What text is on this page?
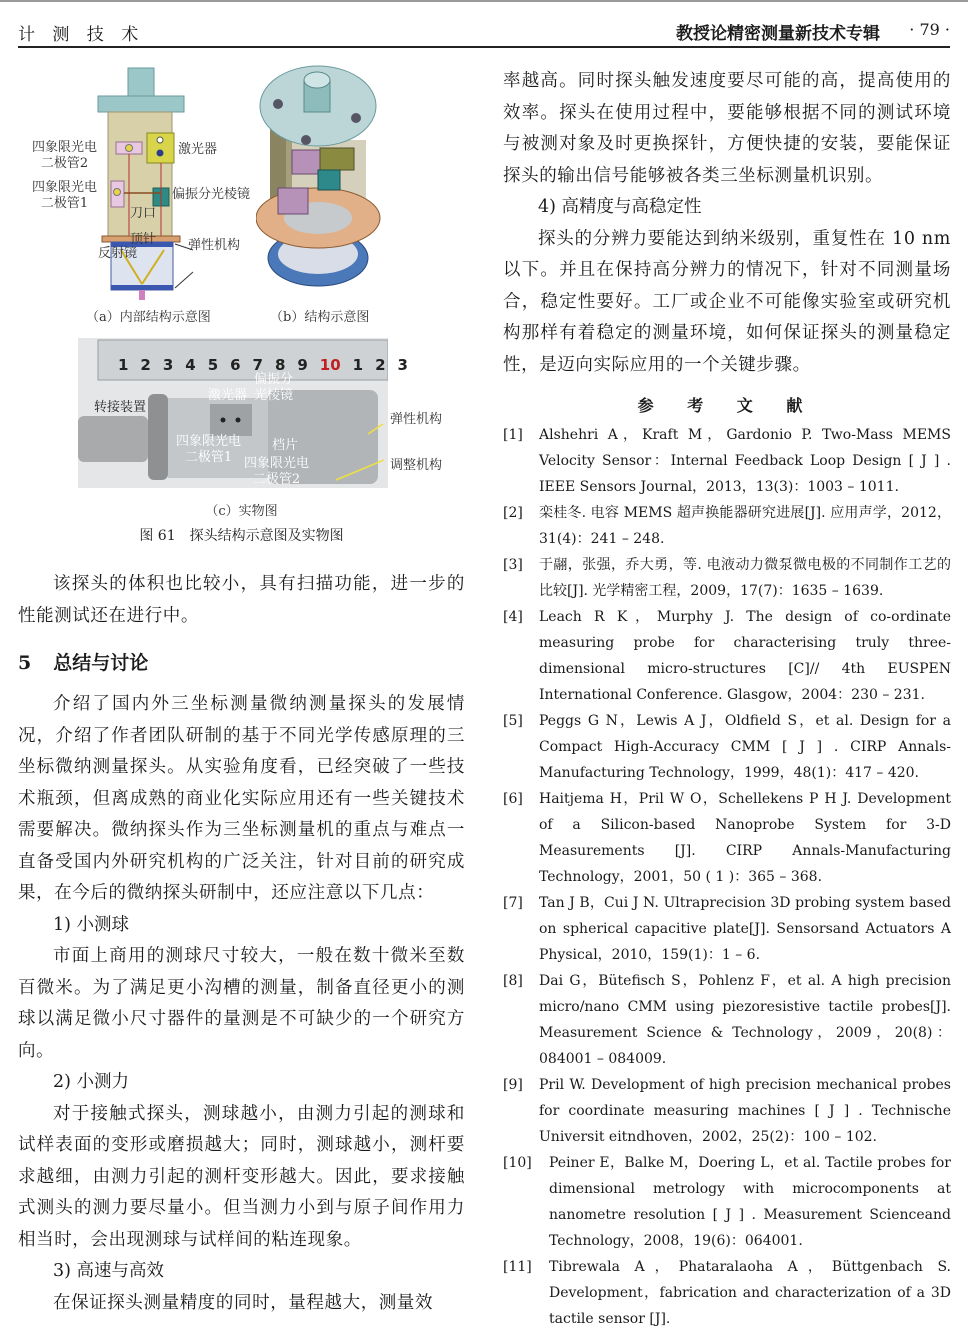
计 测 技 术	教授论精密测量新技术专辑 · 79 ·
四象限光电
二极管2
四象限光电
二极管1
激光器
偏振分光棱镜
刀口
顶针
反射镜
弹性机构
（a）内部结构示意图	（b）结构示意图
1 2 3 4 5 6 7 8 9 10 1 2 3
转接装置
激光器
偏振分
光棱镜
四象限光电
二极管1
档片
四象限光电
二极管2
弹性机构
调整机构
（c）实物图
图 61 探头结构示意图及实物图

该探头的体积也比较小，具有扫描功能，进一步的性能测试还在进行中。

5 总结与讨论

介绍了国内外三坐标测量微纳测量探头的发展情况，介绍了作者团队研制的基于不同光学传感原理的三坐标微纳测量探头。从实验角度看，已经突破了一些技术瓶颈，但离成熟的商业化实际应用还有一些关键技术需要解决。微纳探头作为三坐标测量机的重点与难点一直备受国内外研究机构的广泛关注，针对目前的研究成果，在今后的微纳探头研制中，还应注意以下几点：

1) 小测球

市面上商用的测球尺寸较大，一般在数十微米至数百微米。为了满足更小沟槽的测量，制备直径更小的测球以满足微小尺寸器件的量测是不可缺少的一个研究方向。

2) 小测力

对于接触式探头，测球越小，由测力引起的测球和试样表面的变形或磨损越大；同时，测球越小，测杆要求越细，由测力引起的测杆变形越大。因此，要求接触式测头的测力要尽量小。但当测力小到与原子间作用力相当时，会出现测球与试样间的粘连现象。

3) 高速与高效

在保证探头测量精度的同时，量程越大，测量效

率越高。同时探头触发速度要尽可能的高，提高使用的效率。探头在使用过程中，要能够根据不同的测试环境与被测对象及时更换探针，方便快捷的安装，要能保证探头的输出信号能够被各类三坐标测量机识别。

4) 高精度与高稳定性

探头的分辨力要能达到纳米级别，重复性在 10 nm 以下。并且在保持高分辨力的情况下，针对不同测量场合，稳定性要好。工厂或企业不可能像实验室或研究机构那样有着稳定的测量环境，如何保证探头的测量稳定性，是迈向实际应用的一个关键步骤。

参 考 文 献

[1] Alshehri A，Kraft M，Gardonio P. Two-Mass MEMS Velocity Sensor：Internal Feedback Loop Design [ J ] . IEEE Sensors Journal，2013，13(3)：1003 – 1011.

[2] 栾桂冬. 电容 MEMS 超声换能器研究进展[J]. 应用声学，2012，31(4)：241 – 248.

[3] 于翮，张强，乔大勇，等. 电液动力微泵微电极的不同制作工艺的比较[J]. 光学精密工程，2009，17(7)：1635 – 1639.

[4] Leach R K，Murphy J. The design of co-ordinate measuring probe for characterising truly three-dimensional micro-structures [C]// 4th EUSPEN International Conference. Glasgow，2004：230 – 231.

[5] Peggs G N，Lewis A J，Oldfield S，et al. Design for a Compact High-Accuracy CMM [ J ] . CIRP Annals-Manufacturing Technology，1999，48(1)：417 – 420.

[6] Haitjema H，Pril W O，Schellekens P H J. Development of a Silicon-based Nanoprobe System for 3-D Measurements [J]. CIRP Annals-Manufacturing Technology，2001，50 ( 1 )：365 – 368.

[7] Tan J B，Cui J N. Ultraprecision 3D probing system based on spherical capacitive plate[J]. Sensorsand Actuators A Physical，2010，159(1)：1 – 6.

[8] Dai G，Bütefisch S，Pohlenz F，et al. A high precision micro/nano CMM using piezoresistive tactile probes[J]. Measurement Science & Technology，2009，20(8)：084001 – 084009.

[9] Pril W. Development of high precision mechanical probes for coordinate measuring machines [ J ] . Technische Universit eitndhoven，2002，25(2)：100 – 102.

[10] Peiner E，Balke M，Doering L，et al. Tactile probes for dimensional metrology with microcomponents at nanometre resolution [ J ] . Measurement Scienceand Technology，2008，19(6)：064001.

[11] Tibrewala A，Phataralaoha A，Büttgenbach S. Development，fabrication and characterization of a 3D tactile sensor [J].
